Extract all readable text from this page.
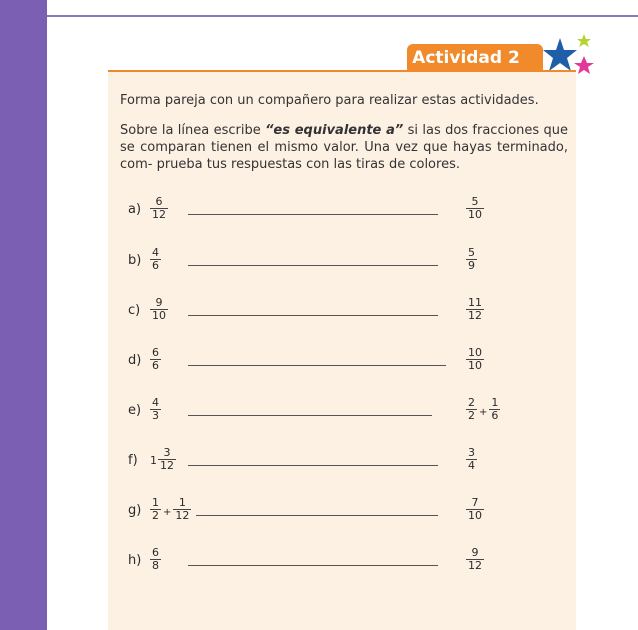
Actividad 2
Forma pareja con un compañero para realizar estas actividades.
Sobre la línea escribe “es equivalente a” si las dos fracciones que se comparan tienen el mismo valor. Una vez que hayas terminado, com- prueba tus respuestas con las tiras de colores.
$a) \frac{6}{12}$	$\frac{5}{10}$
$b) \frac{4}{6}$	$\frac{5}{9}$
$c) \frac{9}{10}$	$\frac{11}{12}$
$d) \frac{6}{6}$	$\frac{10}{10}$
$e) \frac{4}{3}$	$\frac{2}{2} + \frac{1}{6}$
f) $1 \frac{3}{12}$	$\frac{3}{4}$
$g) \frac{1}{2} + \frac{1}{12}$	$\frac{7}{10}$
$h) \frac{6}{8}$	$\frac{9}{12}$
